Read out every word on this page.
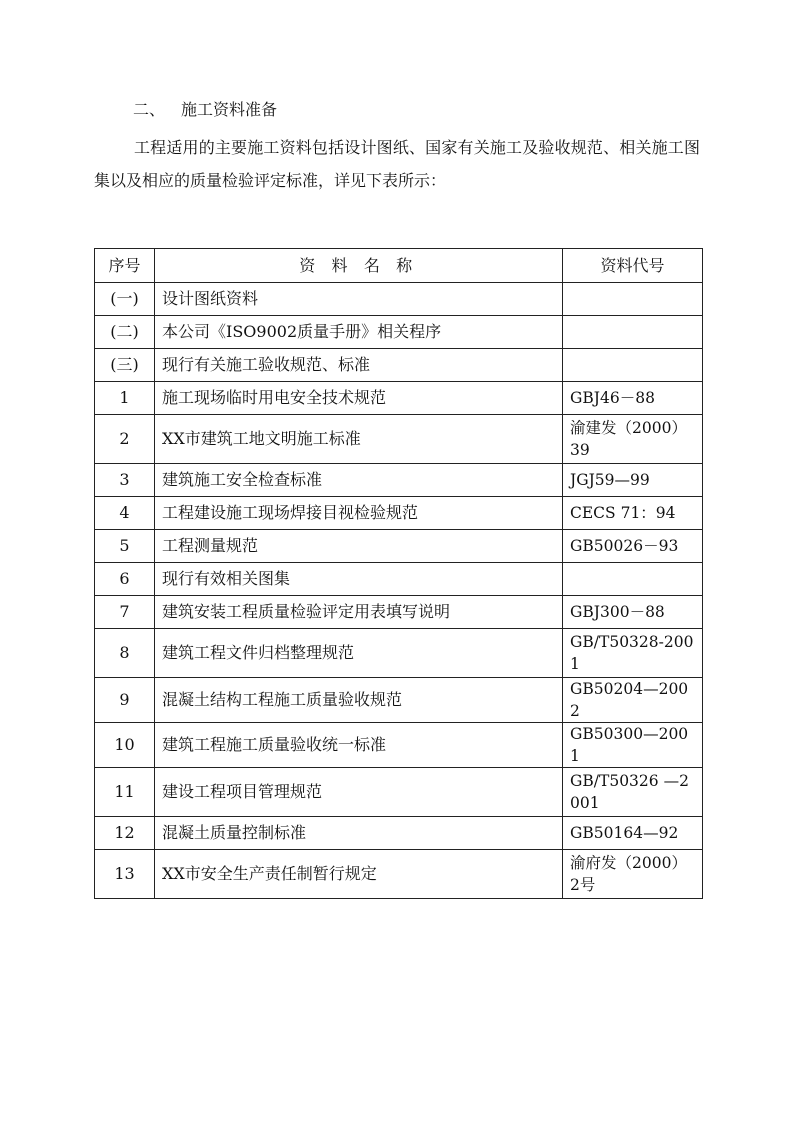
二、 施工资料准备

工程适用的主要施工资料包括设计图纸、国家有关施工及验收规范、相关施工图集以及相应的质量检验评定标准，详见下表所示：

序号	资 料 名 称	资料代号
(一)	设计图纸资料	
(二)	本公司《ISO9002质量手册》相关程序	
(三)	现行有关施工验收规范、标准	
1	施工现场临时用电安全技术规范	GBJ46－88
2	XX市建筑工地文明施工标准	渝建发（2000）39
3	建筑施工安全检查标准	JGJ59—99
4	工程建设施工现场焊接目视检验规范	CECS 71：94
5	工程测量规范	GB50026－93
6	现行有效相关图集	
7	建筑安装工程质量检验评定用表填写说明	GBJ300－88
8	建筑工程文件归档整理规范	GB/T50328-2001
9	混凝土结构工程施工质量验收规范	GB50204—2002
10	建筑工程施工质量验收统一标准	GB50300—2001
11	建设工程项目管理规范	GB/T50326 —2001
12	混凝土质量控制标准	GB50164—92
13	XX市安全生产责任制暂行规定	渝府发（2000）2号
